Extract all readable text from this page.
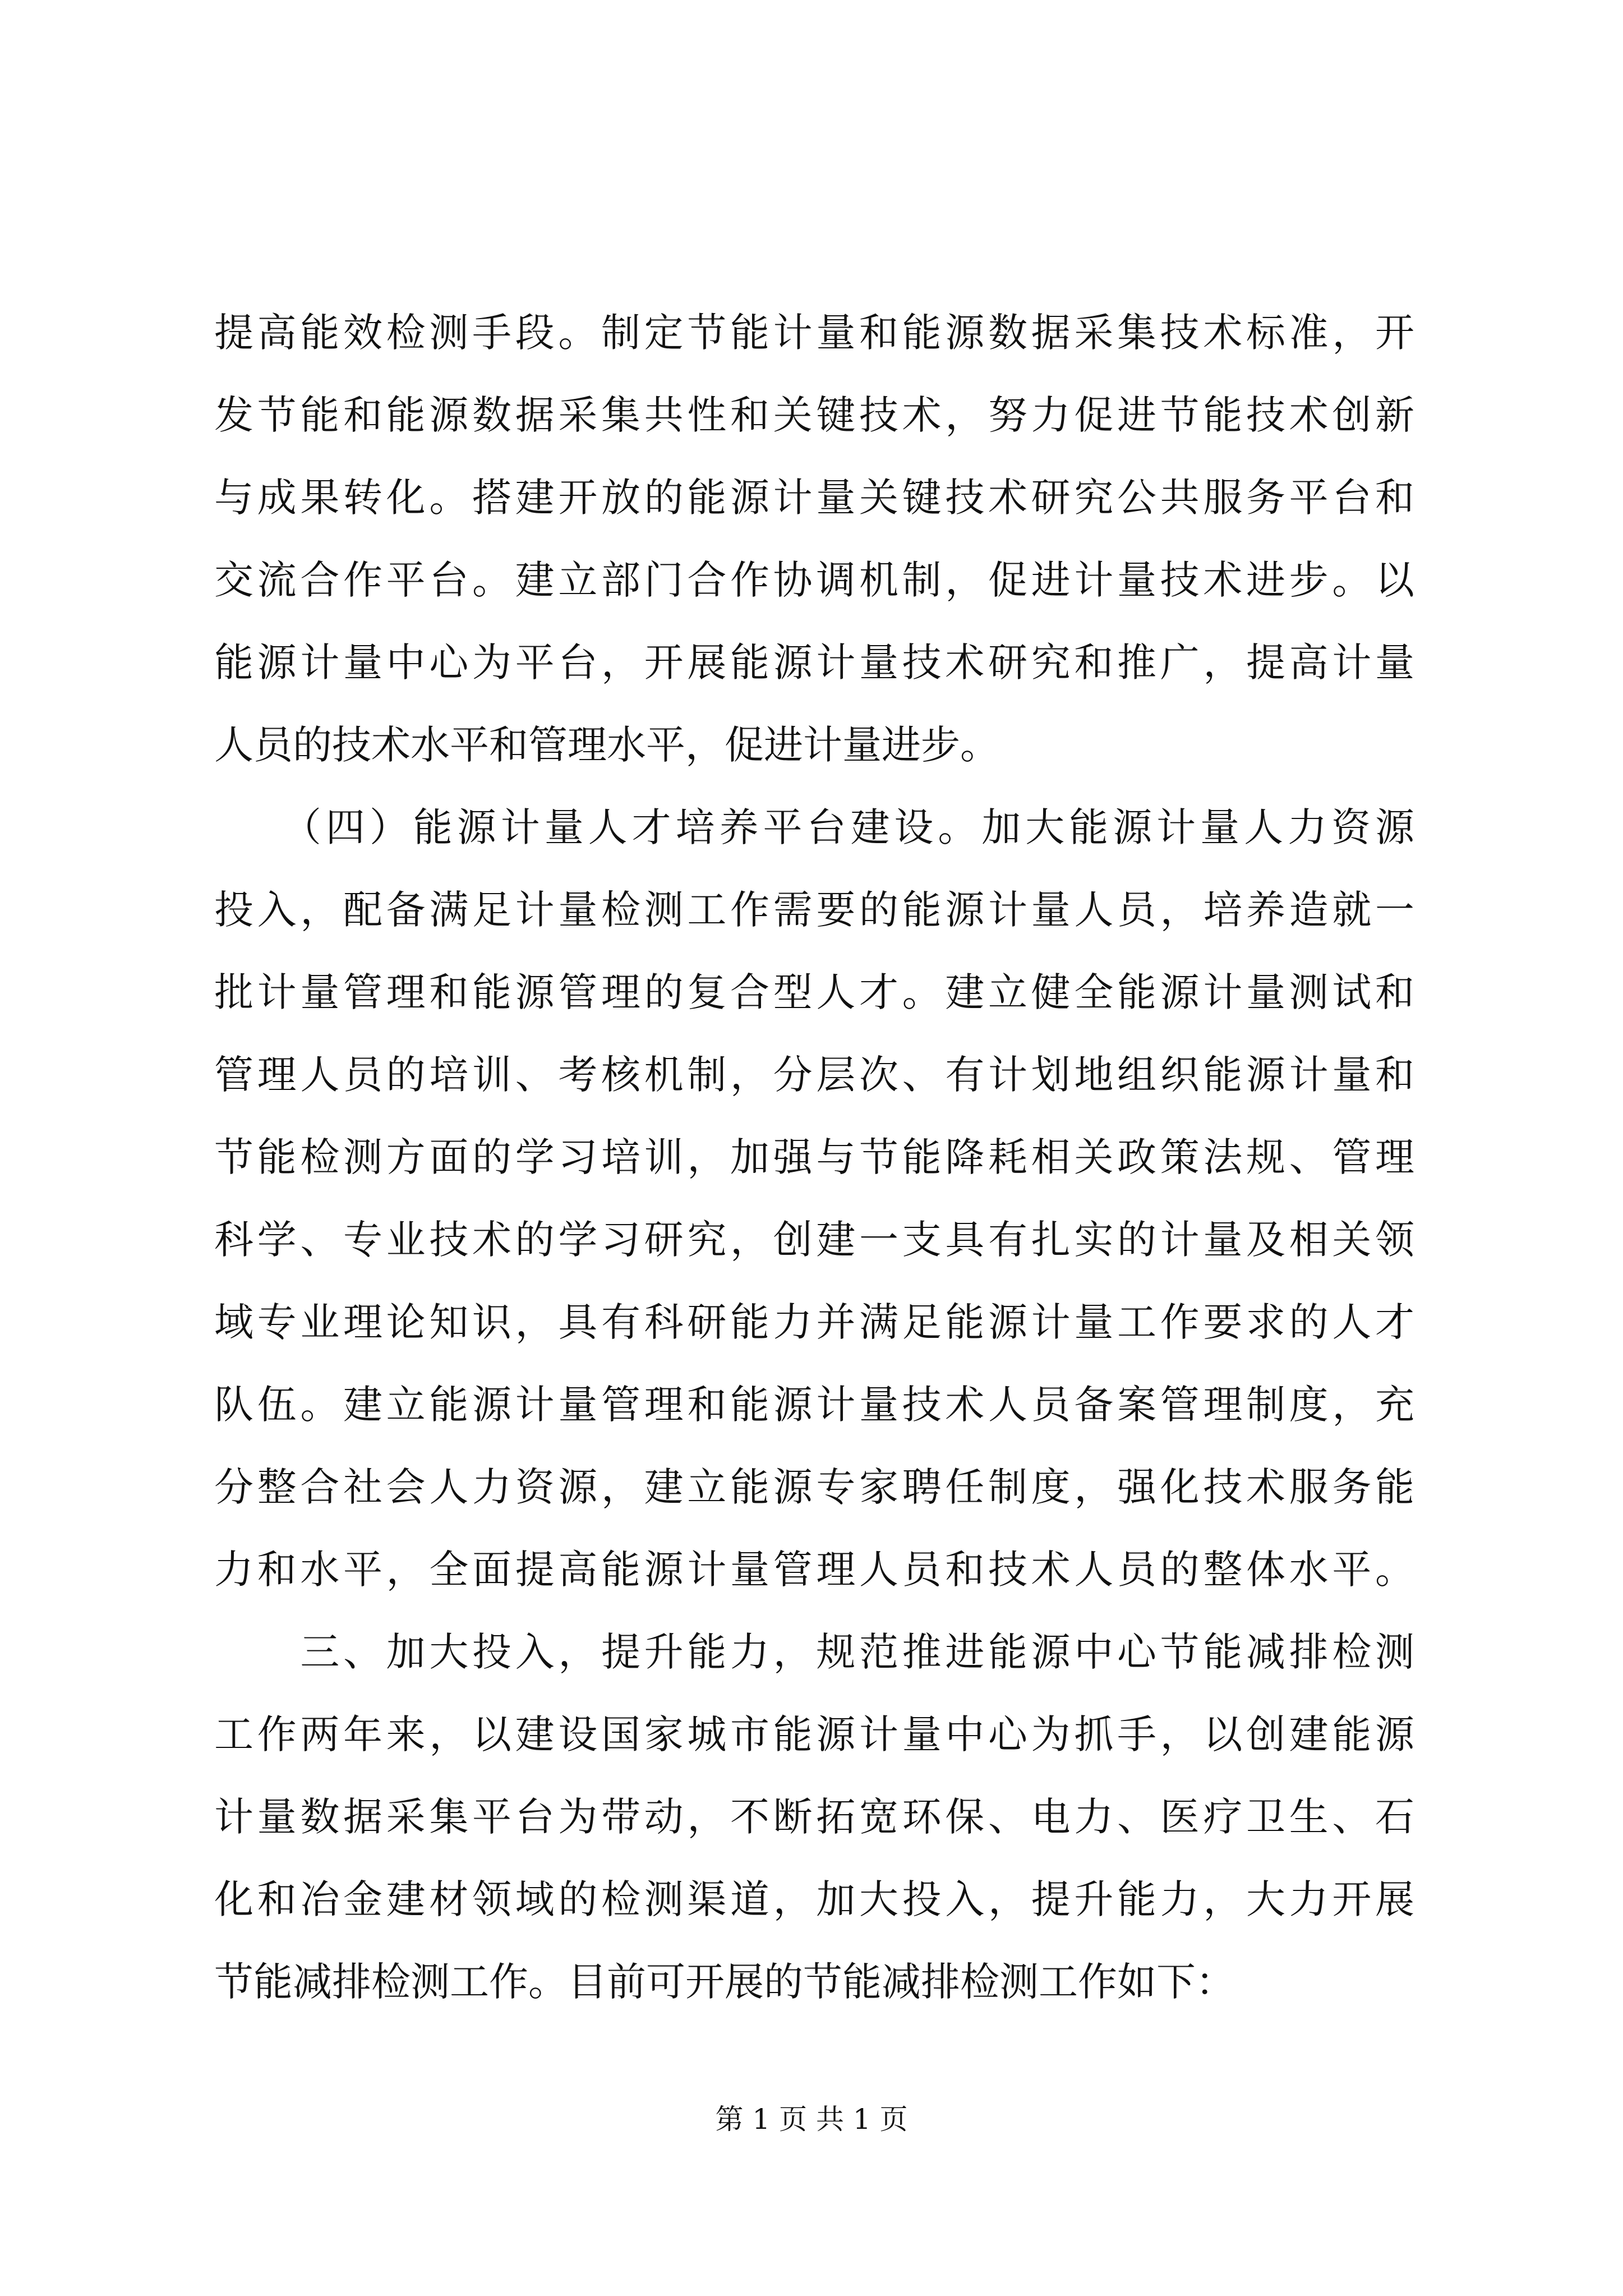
提高能效检测手段。制定节能计量和能源数据采集技术标准，开
发节能和能源数据采集共性和关键技术，努力促进节能技术创新
与成果转化。搭建开放的能源计量关键技术研究公共服务平台和
交流合作平台。建立部门合作协调机制，促进计量技术进步。以
能源计量中心为平台，开展能源计量技术研究和推广，提高计量
人员的技术水平和管理水平，促进计量进步。
　　（四）能源计量人才培养平台建设。加大能源计量人力资源
投入，配备满足计量检测工作需要的能源计量人员，培养造就一
批计量管理和能源管理的复合型人才。建立健全能源计量测试和
管理人员的培训、考核机制，分层次、有计划地组织能源计量和
节能检测方面的学习培训，加强与节能降耗相关政策法规、管理
科学、专业技术的学习研究，创建一支具有扎实的计量及相关领
域专业理论知识，具有科研能力并满足能源计量工作要求的人才
队伍。建立能源计量管理和能源计量技术人员备案管理制度，充
分整合社会人力资源，建立能源专家聘任制度，强化技术服务能
力和水平，全面提高能源计量管理人员和技术人员的整体水平。
　　三、加大投入，提升能力，规范推进能源中心节能减排检测
工作两年来，以建设国家城市能源计量中心为抓手，以创建能源
计量数据采集平台为带动，不断拓宽环保、电力、医疗卫生、石
化和冶金建材领域的检测渠道，加大投入，提升能力，大力开展
节能减排检测工作。目前可开展的节能减排检测工作如下：
第 1 页 共 1 页
